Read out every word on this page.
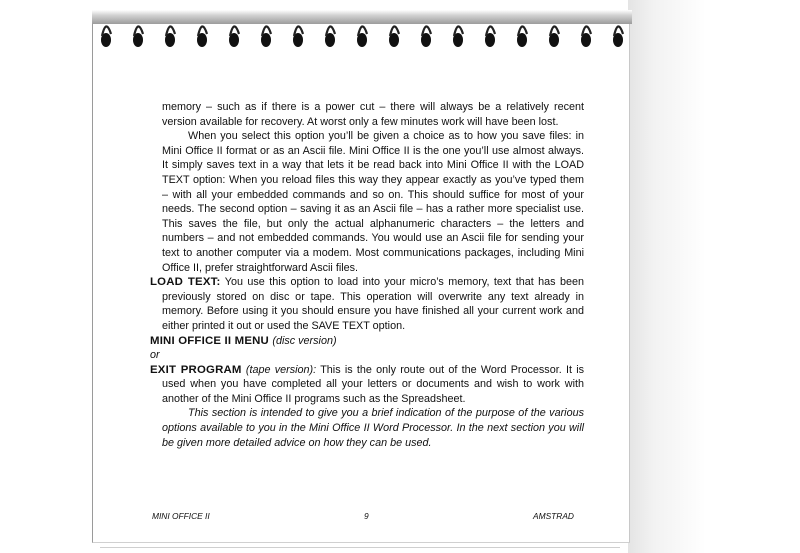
memory – such as if there is a power cut – there will always be a relatively recent version available for recovery. At worst only a few minutes work will have been lost.

When you select this option you’ll be given a choice as to how you save files: in Mini Office II format or as an Ascii file. Mini Office II is the one you’ll use almost always. It simply saves text in a way that lets it be read back into Mini Office II with the LOAD TEXT option: When you reload files this way they appear exactly as you’ve typed them – with all your embedded commands and so on. This should suffice for most of your needs. The second option – saving it as an Ascii file – has a rather more specialist use. This saves the file, but only the actual alphanumeric characters – the letters and numbers – and not embedded commands. You would use an Ascii file for sending your text to another computer via a modem. Most communications packages, including Mini Office II, prefer straightforward Ascii files.

LOAD TEXT: You use this option to load into your micro’s memory, text that has been previously stored on disc or tape. This operation will overwrite any text already in memory. Before using it you should ensure you have finished all your current work and either printed it out or used the SAVE TEXT option.

MINI OFFICE II MENU (disc version)

or

EXIT PROGRAM (tape version): This is the only route out of the Word Processor. It is used when you have completed all your letters or documents and wish to work with another of the Mini Office II programs such as the Spreadsheet.

This section is intended to give you a brief indication of the purpose of the various options available to you in the Mini Office II Word Processor. In the next section you will be given more detailed advice on how they can be used.

MINI OFFICE II	9	AMSTRAD
